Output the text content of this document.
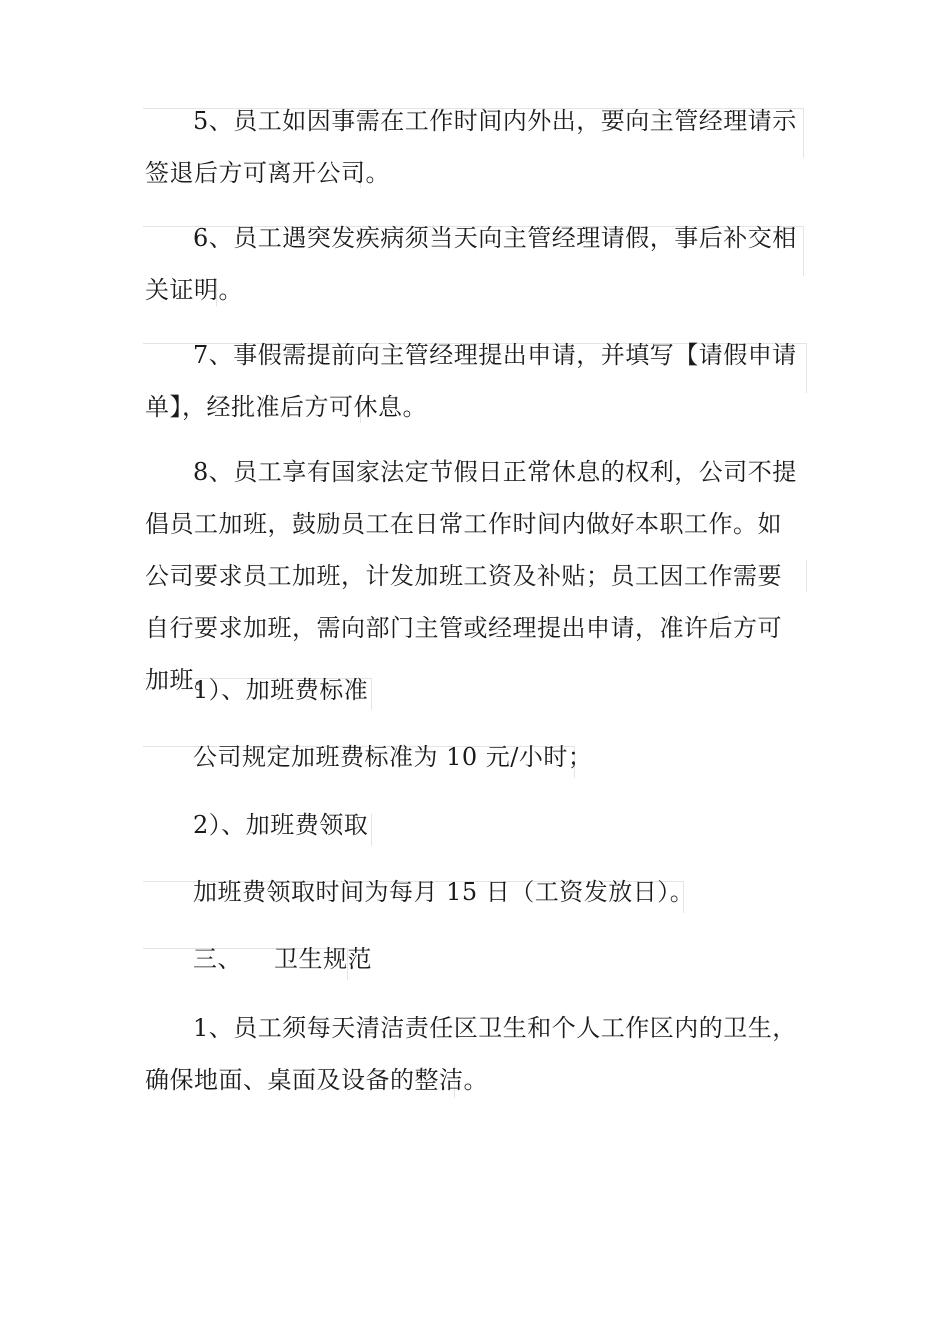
5、员工如因事需在工作时间内外出，要向主管经理请示签退后方可离开公司。

6、员工遇突发疾病须当天向主管经理请假，事后补交相关证明。

7、事假需提前向主管经理提出申请，并填写【请假申请单】，经批准后方可休息。

8、员工享有国家法定节假日正常休息的权利，公司不提倡员工加班，鼓励员工在日常工作时间内做好本职工作。如公司要求员工加班，计发加班工资及补贴；员工因工作需要自行要求加班，需向部门主管或经理提出申请，准许后方可加班。

1）、加班费标准

公司规定加班费标准为 10 元/小时；

2）、加班费领取

加班费领取时间为每月 15 日（工资发放日）。

三、 卫生规范

1、员工须每天清洁责任区卫生和个人工作区内的卫生，确保地面、桌面及设备的整洁。
